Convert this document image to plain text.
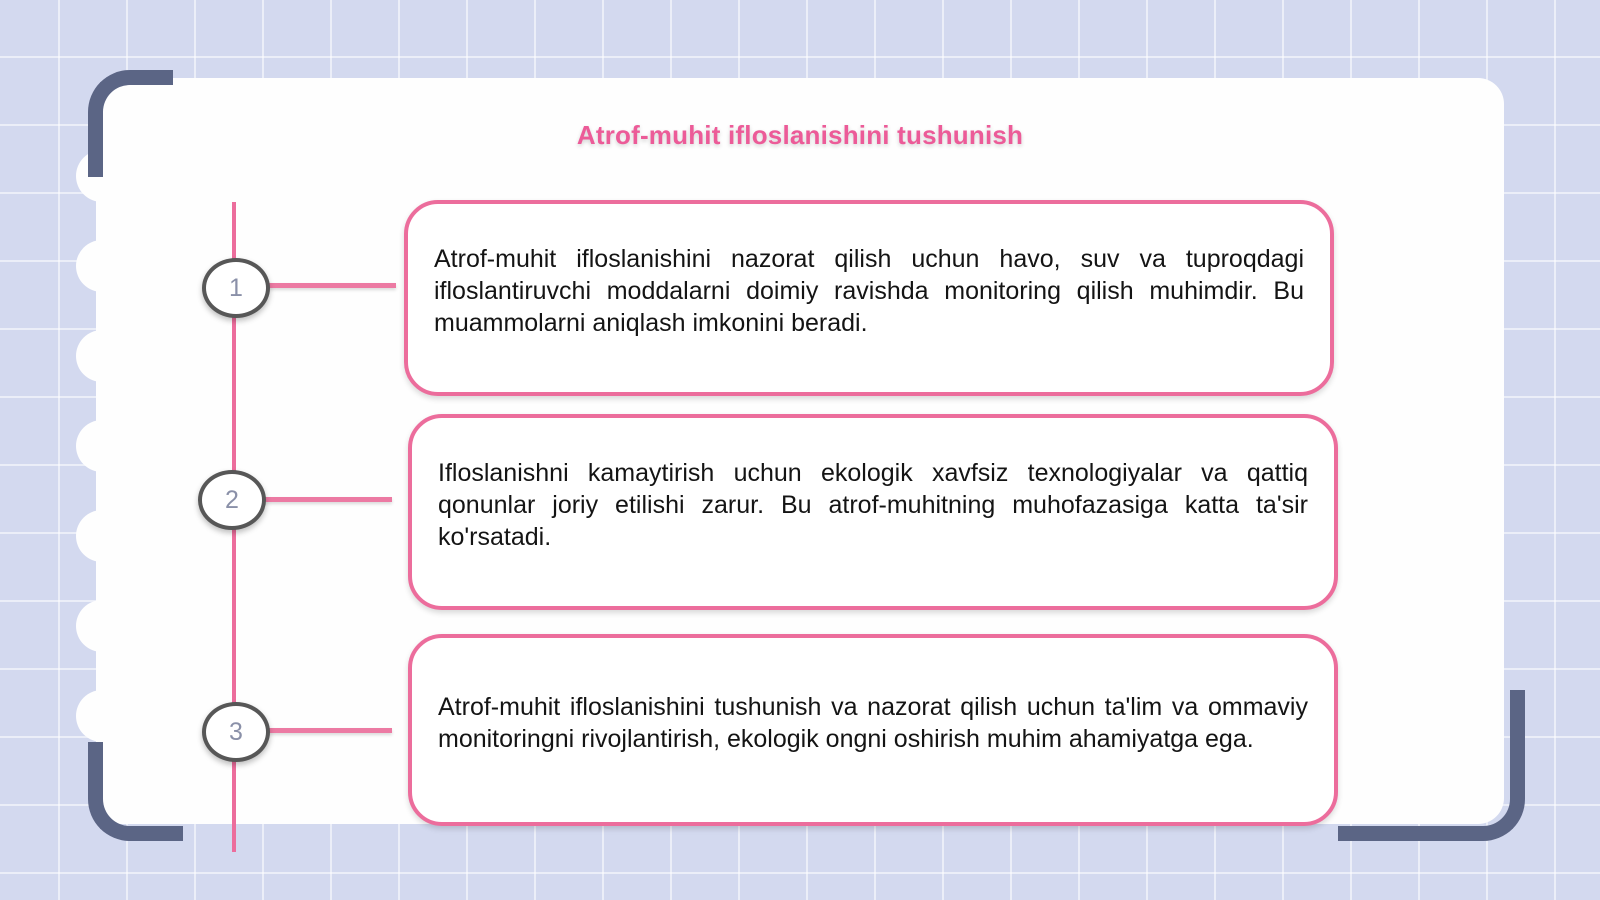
Atrof-muhit ifloslanishini tushunish
1

Atrof-muhit ifloslanishini nazorat qilish uchun havo, suv va tuproqdagi ifloslantiruvchi moddalarni doimiy ravishda monitoring qilish muhimdir. Bu muammolarni aniqlash imkonini beradi.

2

Ifloslanishni kamaytirish uchun ekologik xavfsiz texnologiyalar va qattiq qonunlar joriy etilishi zarur. Bu atrof-muhitning muhofazasiga katta ta'sir ko'rsatadi.

3

Atrof-muhit ifloslanishini tushunish va nazorat qilish uchun ta'lim va ommaviy monitoringni rivojlantirish, ekologik ongni oshirish muhim ahamiyatga ega.
